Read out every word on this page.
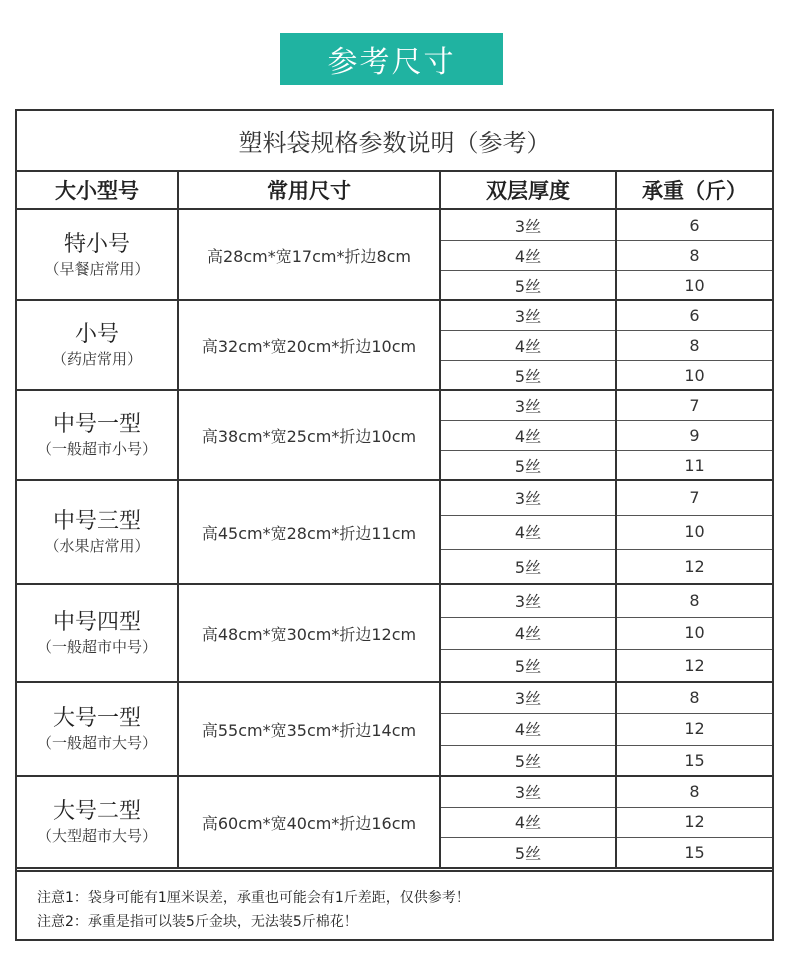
参考尺寸
塑料袋规格参数说明（参考）
大小型号	常用尺寸	双层厚度	承重（斤）
特小号
（早餐店常用）
高28cm*宽17cm*折边8cm
3丝	6
4丝	8
5丝	10
小号
（药店常用）
高32cm*宽20cm*折边10cm
3丝	6
4丝	8
5丝	10
中号一型
（一般超市小号）
高38cm*宽25cm*折边10cm
3丝	7
4丝	9
5丝	11
中号三型
（水果店常用）
高45cm*宽28cm*折边11cm
3丝	7
4丝	10
5丝	12
中号四型
（一般超市中号）
高48cm*宽30cm*折边12cm
3丝	8
4丝	10
5丝	12
大号一型
（一般超市大号）
高55cm*宽35cm*折边14cm
3丝	8
4丝	12
5丝	15
大号二型
（大型超市大号）
高60cm*宽40cm*折边16cm
3丝	8
4丝	12
5丝	15
注意1：袋身可能有1厘米误差，承重也可能会有1斤差距，仅供参考！
注意2：承重是指可以装5斤金块，无法装5斤棉花！
